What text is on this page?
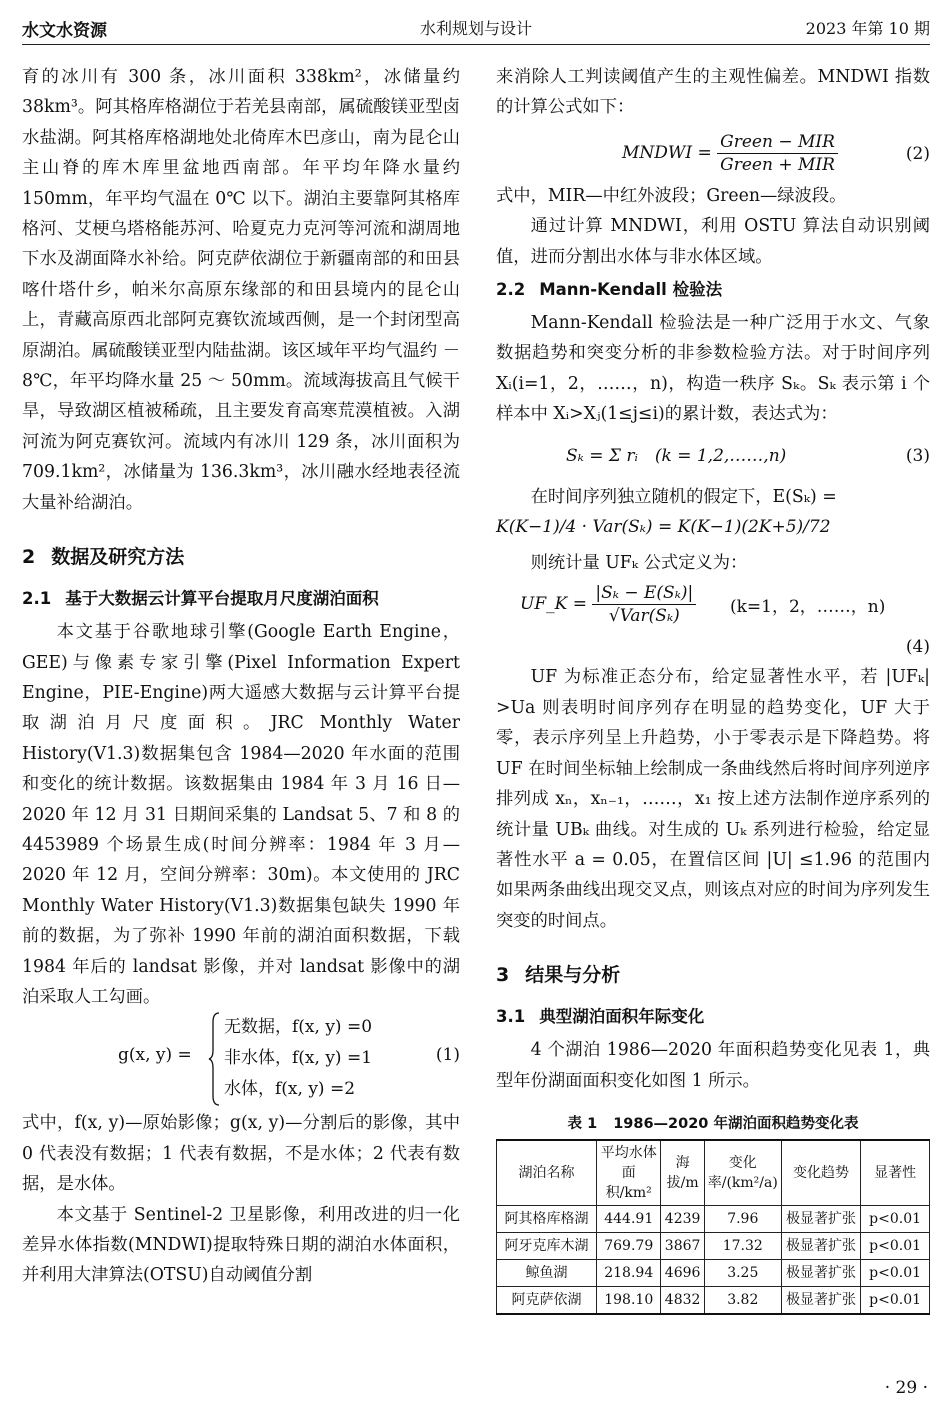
水文水资源	水利规划与设计	2023 年第 10 期

育的冰川有 300 条，冰川面积 338km²，冰储量约 38km³。阿其格库格湖位于若羌县南部，属硫酸镁亚型卤水盐湖。阿其格库格湖地处北倚库木巴彦山，南为昆仑山主山脊的库木库里盆地西南部。年平均年降水量约 150mm，年平均气温在 0℃ 以下。湖泊主要靠阿其格库格河、艾梗乌塔格能苏河、哈夏克力克河等河流和湖周地下水及湖面降水补给。阿克萨依湖位于新疆南部的和田县喀什塔什乡，帕米尔高原东缘部的和田县境内的昆仑山上，青藏高原西北部阿克赛钦流域西侧，是一个封闭型高原湖泊。属硫酸镁亚型内陆盐湖。该区域年平均气温约 －8℃，年平均降水量 25 ～ 50mm。流域海拔高且气候干旱，导致湖区植被稀疏，且主要发育高寒荒漠植被。入湖河流为阿克赛钦河。流域内有冰川 129 条，冰川面积为 709.1km²，冰储量为 136.3km³，冰川融水经地表径流大量补给湖泊。

2 数据及研究方法
2.1 基于大数据云计算平台提取月尺度湖泊面积

本文基于谷歌地球引擎(Google Earth Engine，GEE)与像素专家引擎(Pixel Information Expert Engine，PIE-Engine)两大遥感大数据与云计算平台提取湖泊月尺度面积。JRC Monthly Water History(V1.3)数据集包含 1984—2020 年水面的范围和变化的统计数据。该数据集由 1984 年 3 月 16 日—2020 年 12 月 31 日期间采集的 Landsat 5、7 和 8 的 4453989 个场景生成(时间分辨率：1984 年 3 月—2020 年 12 月，空间分辨率：30m)。本文使用的 JRC Monthly Water History(V1.3)数据集包缺失 1990 年前的数据，为了弥补 1990 年前的湖泊面积数据，下载 1984 年后的 landsat 影像，并对 landsat 影像中的湖泊采取人工勾画。

g(x, y) =
无数据，f(x, y) =0
非水体，f(x, y) =1
水体，f(x, y) =2
(1)

式中，f(x, y)—原始影像；g(x, y)—分割后的影像，其中 0 代表没有数据；1 代表有数据，不是水体；2 代表有数据，是水体。

本文基于 Sentinel-2 卫星影像，利用改进的归一化差异水体指数(MNDWI)提取特殊日期的湖泊水体面积，并利用大津算法(OTSU)自动阈值分割

来消除人工判读阈值产生的主观性偏差。MNDWI 指数的计算公式如下：

MNDWI = $\frac{\text{Green − MIR}}{\text{Green + MIR}}$	(2)

式中，MIR—中红外波段；Green—绿波段。

通过计算 MNDWI，利用 OSTU 算法自动识别阈值，进而分割出水体与非水体区域。

2.2 Mann-Kendall 检验法

Mann-Kendall 检验法是一种广泛用于水文、气象数据趋势和突变分析的非参数检验方法。对于时间序列 Xᵢ(i=1，2，……，n)，构造一秩序 Sₖ。Sₖ 表示第 i 个样本中 Xᵢ>Xⱼ(1≤j≤i)的累计数，表达式为：

Sₖ = Σ rᵢ　(k = 1,2,……,n)	(3)

在时间序列独立随机的假定下，E(Sₖ) =

K(K−1)/4 · Var(Sₖ) = K(K−1)(2K+5)/72

则统计量 UFₖ 公式定义为：

UF_K = $\frac{\text{|Sₖ − E(Sₖ)|}}{\text{√Var(Sₖ)}} (k=1$，2，……，n)
(4)

UF 为标准正态分布，给定显著性水平，若 |UFₖ| >Ua 则表明时间序列存在明显的趋势变化，UF 大于零，表示序列呈上升趋势，小于零表示是下降趋势。将 UF 在时间坐标轴上绘制成一条曲线然后将时间序列逆序排列成 xₙ，xₙ₋₁，……，x₁ 按上述方法制作逆序系列的统计量 UBₖ 曲线。对生成的 Uₖ 系列进行检验，给定显著性水平 a = 0.05，在置信区间 |U| ≤1.96 的范围内如果两条曲线出现交叉点，则该点对应的时间为序列发生突变的时间点。

3 结果与分析
3.1 典型湖泊面积年际变化

4 个湖泊 1986—2020 年面积趋势变化见表 1，典型年份湖面面积变化如图 1 所示。

表 1 1986—2020 年湖泊面积趋势变化表
湖泊名称	平均水体面积/km²	海拔/m	变化率/(km²/a)	变化趋势	显著性
阿其格库格湖	444.91	4239	7.96	极显著扩张	p<0.01
阿牙克库木湖	769.79	3867	17.32	极显著扩张	p<0.01
鲸鱼湖	218.94	4696	3.25	极显著扩张	p<0.01
阿克萨依湖	198.10	4832	3.82	极显著扩张	p<0.01
· 29 ·
